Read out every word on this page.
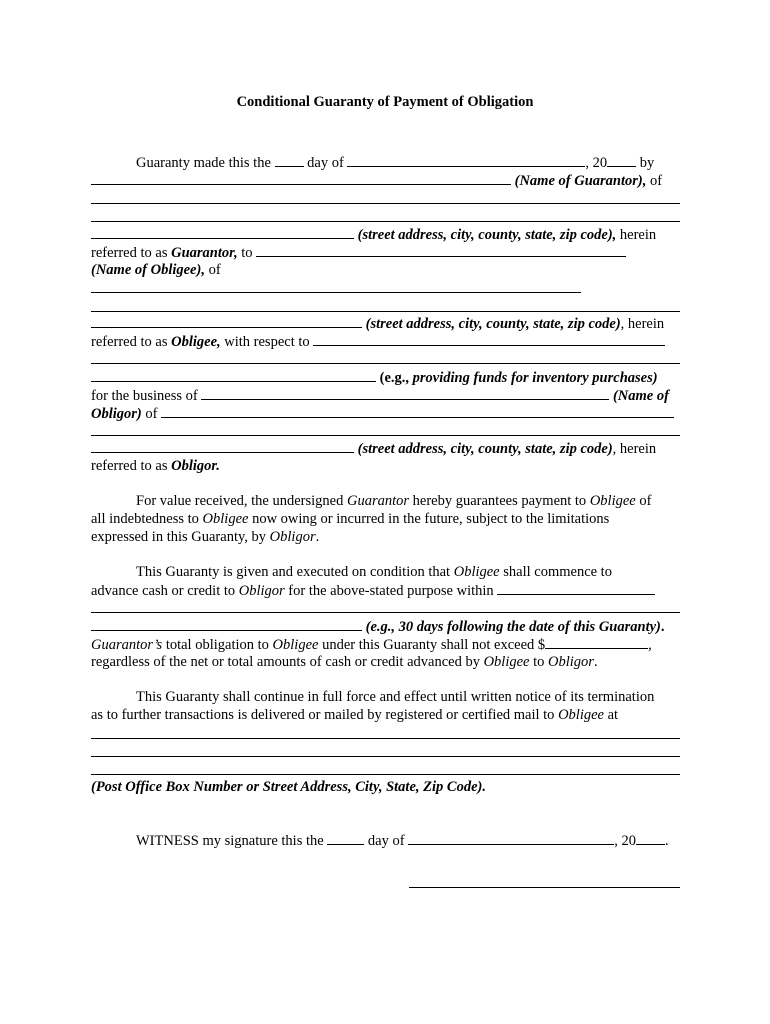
Conditional Guaranty of Payment of Obligation
Guaranty made this the	day of	, 20 by
(Name of Guarantor), of
(street address, city, county, state, zip code), herein
referred to as Guarantor, to
(Name of Obligee), of
(street address, city, county, state, zip code), herein
referred to as Obligee, with respect to
(e.g., providing funds for inventory purchases)
for the business of	(Name of
Obligor) of
(street address, city, county, state, zip code), herein
referred to as Obligor.
For value received, the undersigned Guarantor hereby guarantees payment to Obligee of
all indebtedness to Obligee now owing or incurred in the future, subject to the limitations
expressed in this Guaranty, by Obligor.
This Guaranty is given and executed on condition that Obligee shall commence to
advance cash or credit to Obligor for the above-stated purpose within
(e.g., 30 days following the date of this Guaranty).
Guarantor’s total obligation to Obligee under this Guaranty shall not exceed $	,
regardless of the net or total amounts of cash or credit advanced by Obligee to Obligor.
This Guaranty shall continue in full force and effect until written notice of its termination
as to further transactions is delivered or mailed by registered or certified mail to Obligee at
(Post Office Box Number or Street Address, City, State, Zip Code).
WITNESS my signature this the	day of	, 20 .
